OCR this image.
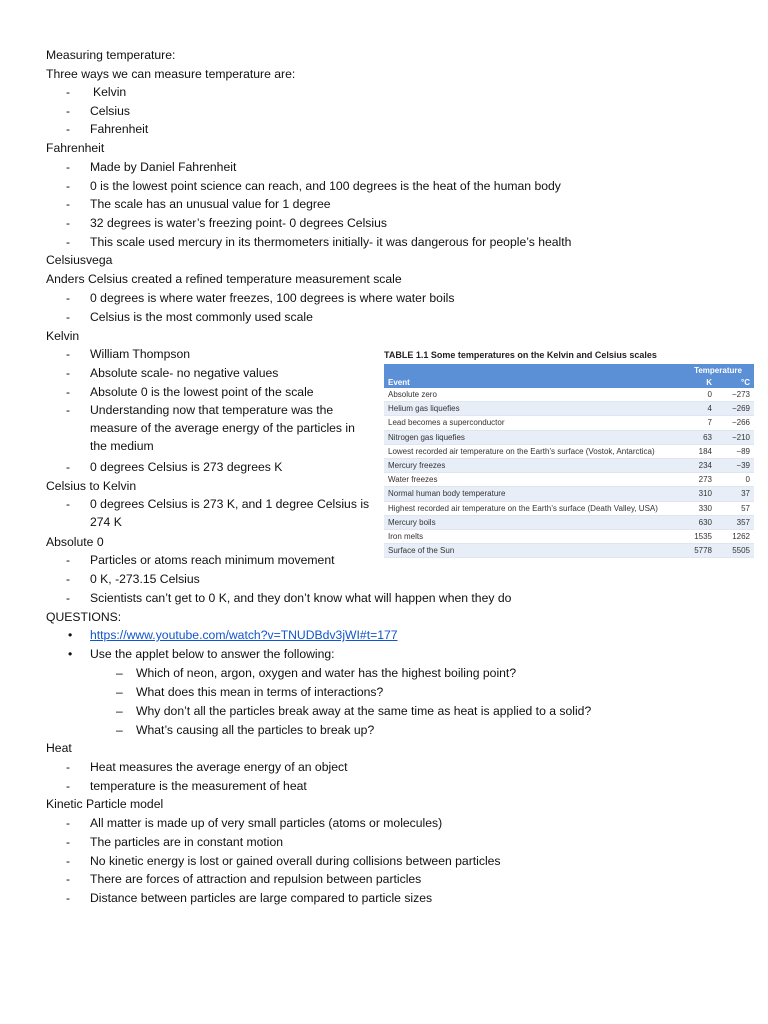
Measuring temperature:
Three ways we can measure temperature are:
- Kelvin
- Celsius
- Fahrenheit
Fahrenheit
- Made by Daniel Fahrenheit
- 0 is the lowest point science can reach, and 100 degrees is the heat of the human body
- The scale has an unusual value for 1 degree
- 32 degrees is water’s freezing point- 0 degrees Celsius
- This scale used mercury in its thermometers initially- it was dangerous for people’s health
Celsiusvega
Anders Celsius created a refined temperature measurement scale
- 0 degrees is where water freezes, 100 degrees is where water boils
- Celsius is the most commonly used scale
Kelvin
- William Thompson
- Absolute scale- no negative values
- Absolute 0 is the lowest point of the scale
- Understanding now that temperature was the measure of the average energy of the particles in the medium
- 0 degrees Celsius is 273 degrees K
Celsius to Kelvin
- 0 degrees Celsius is 273 K, and 1 degree Celsius is 274 K
Absolute 0
- Particles or atoms reach minimum movement
- 0 K, -273.15 Celsius
- Scientists can’t get to 0 K, and they don’t know what will happen when they do
QUESTIONS:
• https://www.youtube.com/watch?v=TNUDBdv3jWI#t=177
• Use the applet below to answer the following:
– Which of neon, argon, oxygen and water has the highest boiling point?
– What does this mean in terms of interactions?
– Why don’t all the particles break away at the same time as heat is applied to a solid?
– What’s causing all the particles to break up?
Heat
- Heat measures the average energy of an object
- temperature is the measurement of heat
Kinetic Particle model
- All matter is made up of very small particles (atoms or molecules)
- The particles are in constant motion
- No kinetic energy is lost or gained overall during collisions between particles
- There are forces of attraction and repulsion between particles
- Distance between particles are large compared to particle sizes
TABLE 1.1 Some temperatures on the Kelvin and Celsius scales
	Temperature	
Event	K	°C
Absolute zero	0	−273
Helium gas liquefies	4	−269
Lead becomes a superconductor	7	−266
Nitrogen gas liquefies	63	−210
Lowest recorded air temperature on the Earth’s surface (Vostok, Antarctica)	184	−89
Mercury freezes	234	−39
Water freezes	273	0
Normal human body temperature	310	37
Highest recorded air temperature on the Earth’s surface (Death Valley, USA)	330	57
Mercury boils	630	357
Iron melts	1535	1262
Surface of the Sun	5778	5505
